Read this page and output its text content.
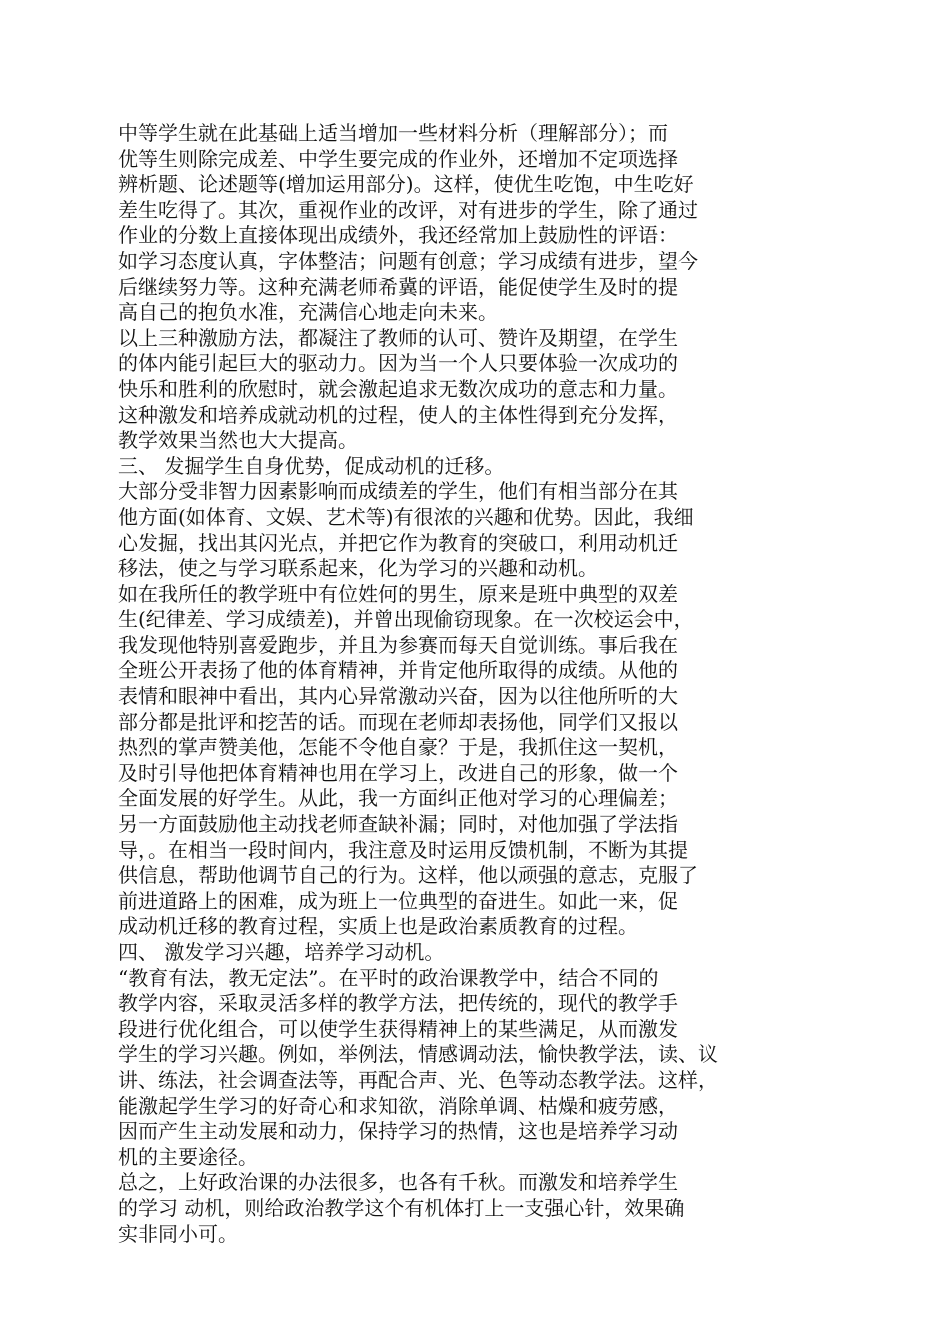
中等学生就在此基础上适当增加一些材料分析（理解部分）；而
优等生则除完成差、中学生要完成的作业外，还增加不定项选择
辨析题、论述题等(增加运用部分)。这样，使优生吃饱，中生吃好
差生吃得了。其次，重视作业的改评，对有进步的学生，除了通过
作业的分数上直接体现出成绩外，我还经常加上鼓励性的评语：
如学习态度认真，字体整洁；问题有创意；学习成绩有进步，望今
后继续努力等。这种充满老师希冀的评语，能促使学生及时的提
高自己的抱负水准，充满信心地走向未来。
以上三种激励方法，都凝注了教师的认可、赞许及期望，在学生
的体内能引起巨大的驱动力。因为当一个人只要体验一次成功的
快乐和胜利的欣慰时，就会激起追求无数次成功的意志和力量。
这种激发和培养成就动机的过程，使人的主体性得到充分发挥，
教学效果当然也大大提高。
三、 发掘学生自身优势，促成动机的迁移。
大部分受非智力因素影响而成绩差的学生，他们有相当部分在其
他方面(如体育、文娱、艺术等)有很浓的兴趣和优势。因此，我细
心发掘，找出其闪光点，并把它作为教育的突破口，利用动机迁
移法，使之与学习联系起来，化为学习的兴趣和动机。
如在我所任的教学班中有位姓何的男生，原来是班中典型的双差
生(纪律差、学习成绩差)，并曾出现偷窃现象。在一次校运会中，
我发现他特别喜爱跑步，并且为参赛而每天自觉训练。事后我在
全班公开表扬了他的体育精神，并肯定他所取得的成绩。从他的
表情和眼神中看出，其内心异常激动兴奋，因为以往他所听的大
部分都是批评和挖苦的话。而现在老师却表扬他，同学们又报以
热烈的掌声赞美他，怎能不令他自豪？于是，我抓住这一契机，
及时引导他把体育精神也用在学习上，改进自己的形象，做一个
全面发展的好学生。从此，我一方面纠正他对学习的心理偏差；
另一方面鼓励他主动找老师查缺补漏；同时，对他加强了学法指
导，。在相当一段时间内，我注意及时运用反馈机制，不断为其提
供信息，帮助他调节自己的行为。这样，他以顽强的意志，克服了
前进道路上的困难，成为班上一位典型的奋进生。如此一来，促
成动机迁移的教育过程，实质上也是政治素质教育的过程。
四、 激发学习兴趣，培养学习动机。
“教育有法，教无定法”。在平时的政治课教学中，结合不同的
教学内容，采取灵活多样的教学方法，把传统的，现代的教学手
段进行优化组合，可以使学生获得精神上的某些满足，从而激发
学生的学习兴趣。例如，举例法，情感调动法，愉快教学法，读、议
讲、练法，社会调查法等，再配合声、光、色等动态教学法。这样，
能激起学生学习的好奇心和求知欲，消除单调、枯燥和疲劳感，
因而产生主动发展和动力，保持学习的热情，这也是培养学习动
机的主要途径。
总之，上好政治课的办法很多，也各有千秋。而激发和培养学生
的学习 动机，则给政治教学这个有机体打上一支强心针，效果确
实非同小可。
